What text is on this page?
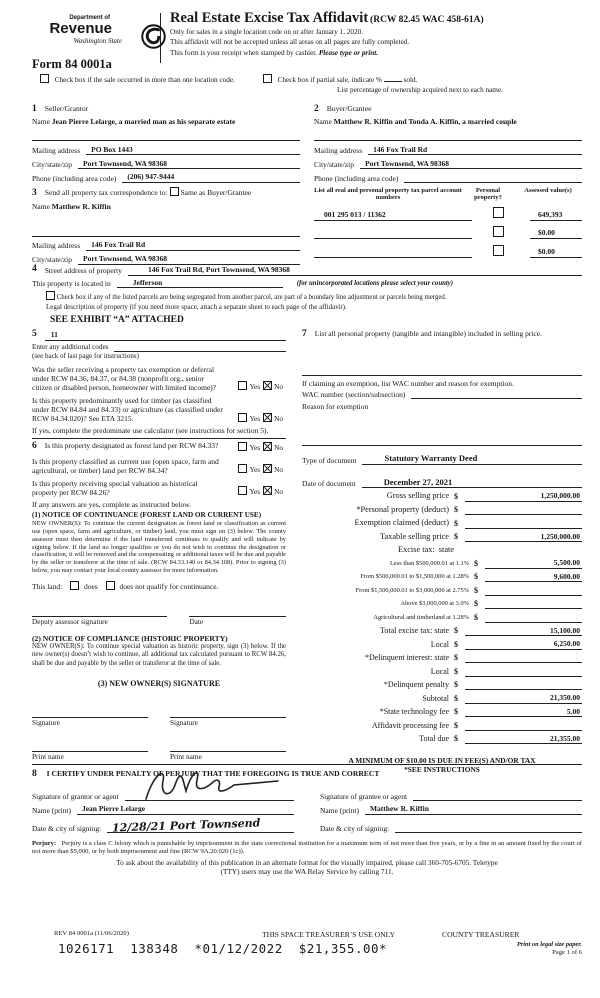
Department of
Revenue
Washington State
Real Estate Excise Tax Affidavit (RCW 82.45 WAC 458-61A)
Only for sales in a single location code on or after January 1, 2020.
This affidavit will not be accepted unless all areas on all pages are fully completed.
This form is your receipt when stamped by cashier. Please type or print.
Form 84 0001a
Check box if the sale occurred in more than one location code.	Check box if partial sale, indicate %	sold.
List percentage of ownership acquired next to each name.
1 Seller/Grantor
Name Jean Pierre Lelarge, a married man as his separate estate
Mailing address	PO Box 1443
City/state/zip	Port Townsend, WA 98368
Phone (including area code)	(206) 947-9444
2 Buyer/Grantee
Name Matthew R. Kiffin and Tonda A. Kiffin, a married couple
Mailing address	146 Fox Trail Rd
City/state/zip	Port Townsend, WA 98368
Phone (including area code)
3 Send all property tax correspondence to: Same as Buyer/Grantee
Name Matthew R. Kiffin
Mailing address	146 Fox Trail Rd
City/state/zip	Port Townsend, WA 98368
List all real and personal property tax parcel account numbers
Personal property?
Assessed value(s)
001 295 013 / 11362	649,393
$0.00
$0.00
4 Street address of property	146 Fox Trail Rd, Port Townsend, WA 98368
This property is located in	Jefferson	(for unincorporated locations please select your county)
Check box if any of the listed parcels are being segregated from another parcel, are part of a boundary line adjustment or parcels being merged.
Legal description of property (if you need more space, attach a separate sheet to each page of the affidavit).
SEE EXHIBIT “A” ATTACHED
5	11
Enter any additional codes
(see back of last page for instructions)
Was the seller receiving a property tax exemption or deferral under RCW 84.36, 84.37, or 84.38 (nonprofit org., senior citizen or disabled person, homeowner with limited income)?	Yes No
Is this property predominantly used for timber (as classified under RCW 84.84 and 84.33) or agriculture (as classified under RCW 84.34.020)? See ETA 3215.	Yes No
If yes, complete the predominate use calculator (see instructions for section 5).
6 Is this property designated as forest land per RCW 84.33?	Yes No
Is this property classified as current use (open space, farm and agricultural, or timber) land per RCW 84.34?	Yes No
Is this property receiving special valuation as historical property per RCW 84.26?	Yes No
If any answers are yes, complete as instructed below.
(1) NOTICE OF CONTINUANCE (FOREST LAND OR CURRENT USE)
NEW OWNER(S): To continue the current designation as forest land or classification as current use (open space, farm and agriculture, or timber) land, you must sign on (3) below. The county assessor must then determine if the land transferred continues to qualify and will indicate by signing below. If the land no longer qualifies or you do not wish to continue the designation or classification, it will be removed and the compensating or additional taxes will be due and payable by the seller or transferor at the time of sale. (RCW 84.33.140 or 84.34.108). Prior to signing (3) below, you may contact your local county assessor for more information.
This land:	does	does not qualify for continuance.
Deputy assessor signature	Date
(2) NOTICE OF COMPLIANCE (HISTORIC PROPERTY)
NEW OWNER(S): To continue special valuation as historic property, sign (3) below. If the new owner(s) doesn’t wish to continue, all additional tax calculated pursuant to RCW 84.26, shall be due and payable by the seller or transferor at the time of sale.
(3) NEW OWNER(S) SIGNATURE
Signature	Signature
Print name	Print name
7 List all personal property (tangible and intangible) included in selling price.
If claiming an exemption, list WAC number and reason for exemption.
WAC number (section/subsection)
Reason for exemption
Type of document	Statutory Warranty Deed
Date of document	December 27, 2021
Gross selling price $	1,250,000.00
*Personal property (deduct) $
Exemption claimed (deduct) $
Taxable selling price $	1,250,000.00
Excise tax:  state
Less than $500,000.01 at 1.1% $	5,500.00
From $500,000.01 to $1,500,000 at 1.28% $	9,600.00
From $1,500,000.01 to $3,000,000 at 2.75% $
Above $3,000,000 at 3.0% $
Agricultural and timberland at 1.28% $
Total excise tax: state $	15,100.00
Local $	6,250.00
*Delinquent interest: state $
Local $
*Delinquent penalty $
Subtotal $	21,350.00
*State technology fee $	5.00
Affidavit processing fee $
Total due $	21,355.00
A MINIMUM OF $10.00 IS DUE IN FEE(S) AND/OR TAX
*SEE INSTRUCTIONS
8 I CERTIFY UNDER PENALTY OF PERJURY THAT THE FOREGOING IS TRUE AND CORRECT
Signature of grantor or agent
Name (print)	Jean Pierre Lelarge
Date & city of signing: 12/28/21 Port Townsend
Signature of grantee or agent
Name (print)	Matthew R. Kiffin
Date & city of signing:
Perjury: Perjury is a class C felony which is punishable by imprisonment in the state correctional institution for a maximum term of not more than five years, or by a fine in an amount fixed by the court of not more than $5,000, or by both imprisonment and fine (RCW 9A.20.020 (1c)).
To ask about the availability of this publication in an alternate format for the visually impaired, please call 360-705-6705. Teletype
(TTY) users may use the WA Relay Service by calling 711.
REV 84 0001a (11/06/2020)	THIS SPACE TREASURER’S USE ONLY	COUNTY TREASURER
1026171  138348  *01/12/2022  $21,355.00*	Print on legal size paper.
Page 1 of 6
